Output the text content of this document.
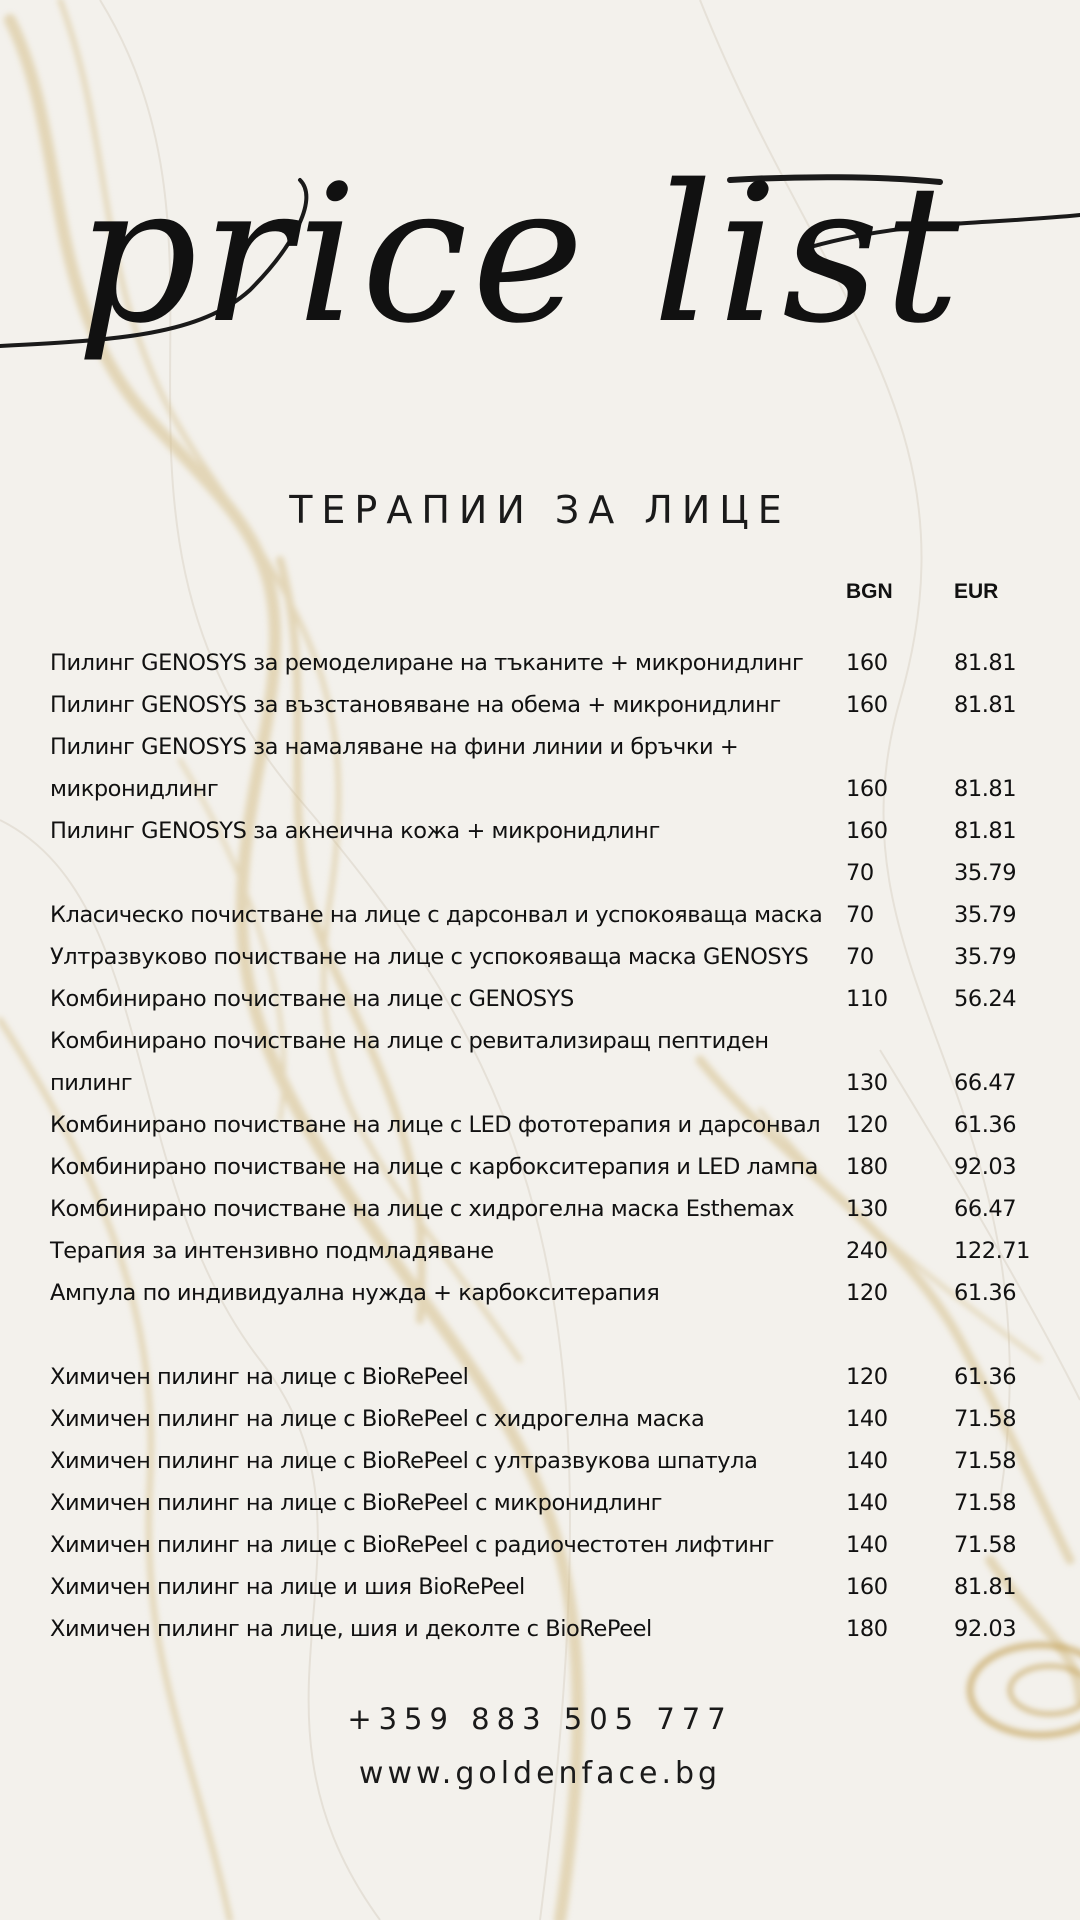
price list
ТЕРАПИИ ЗА ЛИЦЕ
BGN	EUR
Пилинг GENOSYS за ремоделиране на тъканите + микронидлинг 160	81.81
Пилинг GENOSYS за възстановяване на обема + микронидлинг	160	81.81
Пилинг GENOSYS за намаляване на фини линии и бръчки +
микронидлинг	160	81.81
Пилинг GENOSYS за акнеична кожа + микронидлинг	160	81.81
70	35.79
Класическо почистване на лице с дарсонвал и успокояваща маска 70	35.79
Ултразвуково почистване на лице с успокояваща маска GENOSYS 70	35.79
Комбинирано почистване на лице с GENOSYS	110	56.24
Комбинирано почистване на лице с ревитализиращ пептиден
пилинг	130	66.47
Комбинирано почистване на лице с LED фототерапия и дарсонвал 120	61.36
Комбинирано почистване на лице с карбокситерапия и LED лампа 180	92.03
Комбинирано почистване на лице с хидрогелна маска Esthemax 130	66.47
Терапия за интензивно подмладяване	240	122.71
Ампула по индивидуална нужда + карбокситерапия	120	61.36
Химичен пилинг на лице с BioRePeel	120	61.36
Химичен пилинг на лице с BioRePeel с хидрогелна маска	140	71.58
Химичен пилинг на лице с BioRePeel с ултразвукова шпатула	140	71.58
Химичен пилинг на лице с BioRePeel с микронидлинг	140	71.58
Химичен пилинг на лице с BioRePeel с радиочестотен лифтинг	140	71.58
Химичен пилинг на лице и шия BioRePeel	160	81.81
Химичен пилинг на лице, шия и деколте с BioRePeel	180	92.03
+359 883 505 777
www.goldenface.bg
